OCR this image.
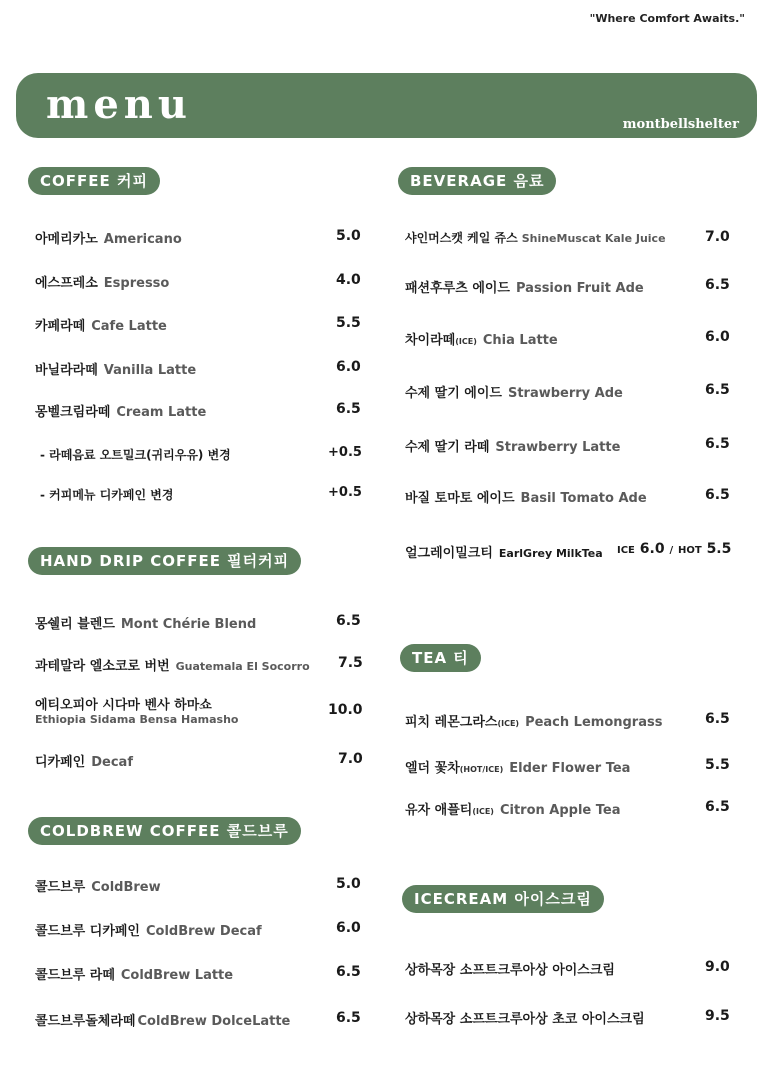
"Where Comfort Awaits."
menu	montbellshelter
COFFEE 커피
아메리카노 Americano	5.0
에스프레소 Espresso	4.0
카페라떼 Cafe Latte	5.5
바닐라라떼 Vanilla Latte	6.0
몽벨크림라떼 Cream Latte	6.5
- 라떼음료 오트밀크(귀리우유) 변경	+0.5
- 커피메뉴 디카페인 변경	+0.5
HAND DRIP COFFEE 필터커피
몽쉘리 블렌드 Mont Chérie Blend	6.5
과테말라 엘소코로 버번 Guatemala El Socorro 7.5
에티오피아 시다마 벤사 하마쇼
Ethiopia Sidama Bensa Hamasho
10.0
디카페인 Decaf	7.0
COLDBREW COFFEE 콜드브루
콜드브루 ColdBrew	5.0
콜드브루 디카페인 ColdBrew Decaf	6.0
콜드브루 라떼 ColdBrew Latte	6.5
콜드브루돌체라떼 ColdBrew DolceLatte	6.5
BEVERAGE 음료
샤인머스캣 케일 쥬스 ShineMuscat Kale Juice	7.0
패션후루츠 에이드 Passion Fruit Ade	6.5
차이라떼(ICE) Chia Latte	6.0
수제 딸기 에이드 Strawberry Ade	6.5
수제 딸기 라떼 Strawberry Latte	6.5
바질 토마토 에이드 Basil Tomato Ade	6.5
얼그레이밀크티 EarlGrey MilkTea ICE 6.0 / HOT 5.5
TEA 티
피치 레몬그라스(ICE) Peach Lemongrass	6.5
엘더 꽃차(HOT/ICE) Elder Flower Tea	5.5
유자 애플티(ICE) Citron Apple Tea	6.5
ICECREAM 아이스크림
상하목장 소프트크루아상 아이스크림	9.0
상하목장 소프트크루아상 초코 아이스크림	9.5
